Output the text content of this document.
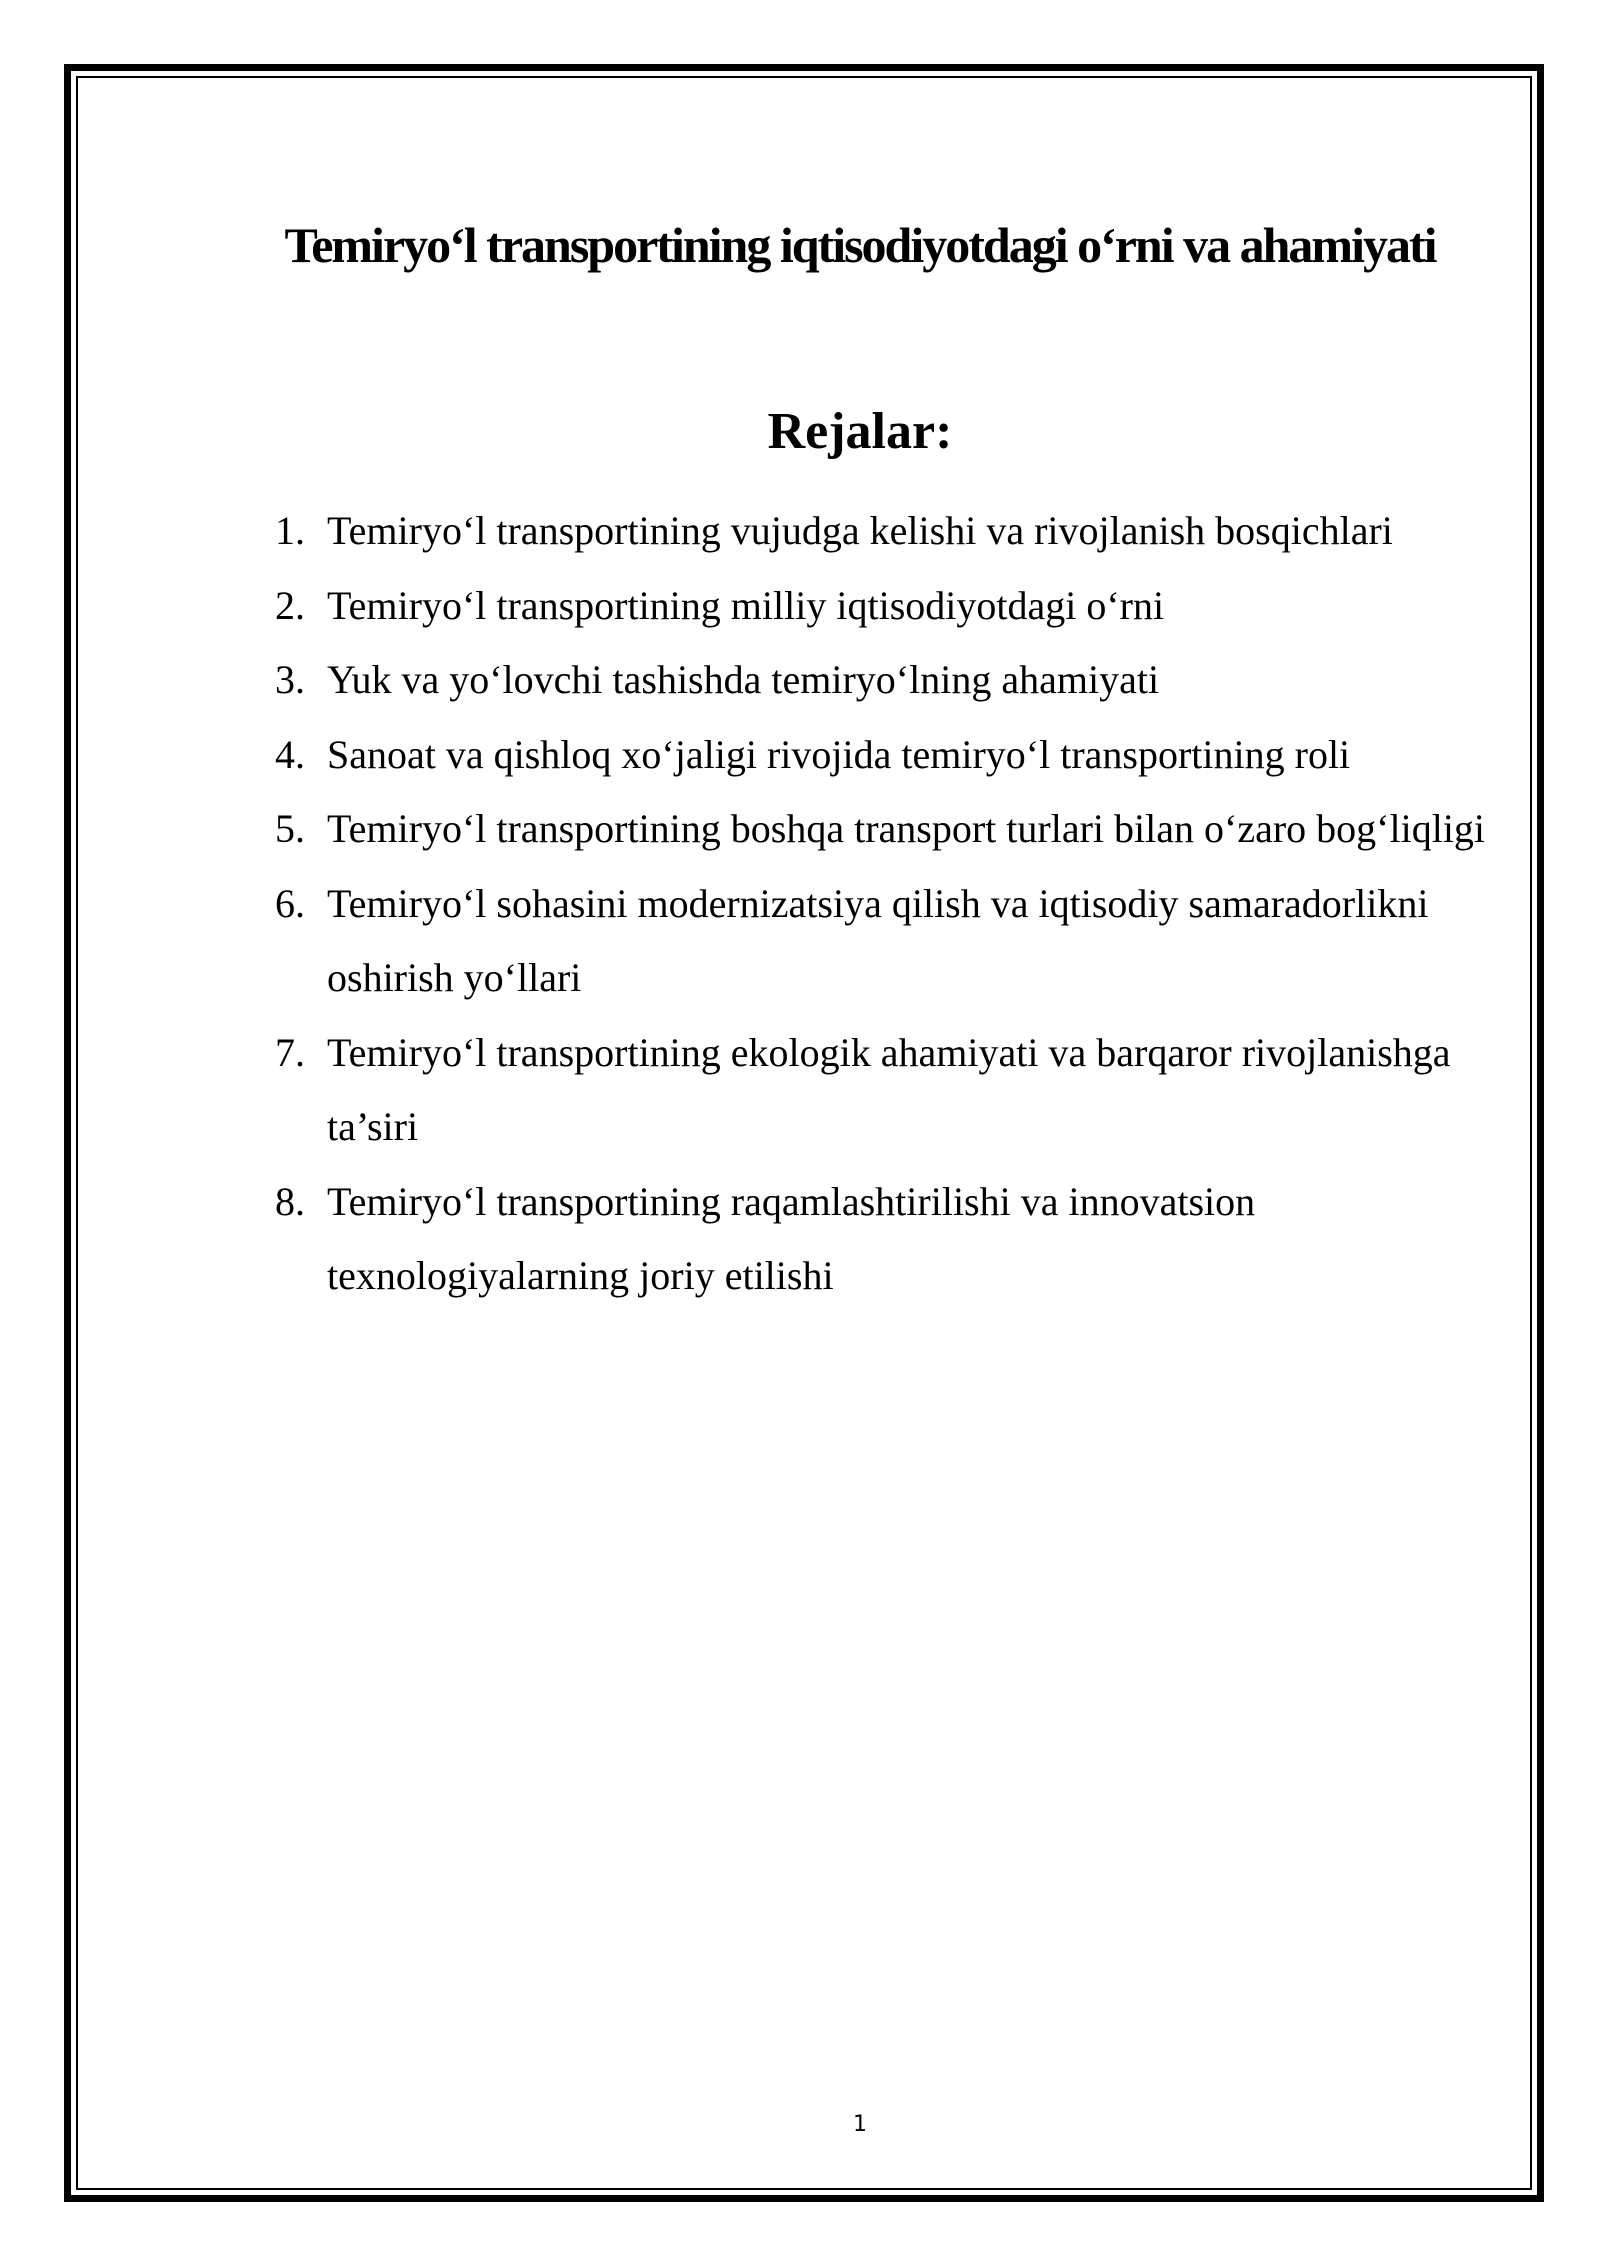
Temiryo‘l transportining iqtisodiyotdagi o‘rni va ahamiyati
Rejalar:
1. Temiryo‘l transportining vujudga kelishi va rivojlanish bosqichlari
2. Temiryo‘l transportining milliy iqtisodiyotdagi o‘rni
3. Yuk va yo‘lovchi tashishda temiryo‘lning ahamiyati
4. Sanoat va qishloq xo‘jaligi rivojida temiryo‘l transportining roli
5. Temiryo‘l transportining boshqa transport turlari bilan o‘zaro bog‘liqligi
6. Temiryo‘l sohasini modernizatsiya qilish va iqtisodiy samaradorlikni oshirish yo‘llari
7. Temiryo‘l transportining ekologik ahamiyati va barqaror rivojlanishga ta’siri
8. Temiryo‘l transportining raqamlashtirilishi va innovatsion texnologiyalarning joriy etilishi
1
